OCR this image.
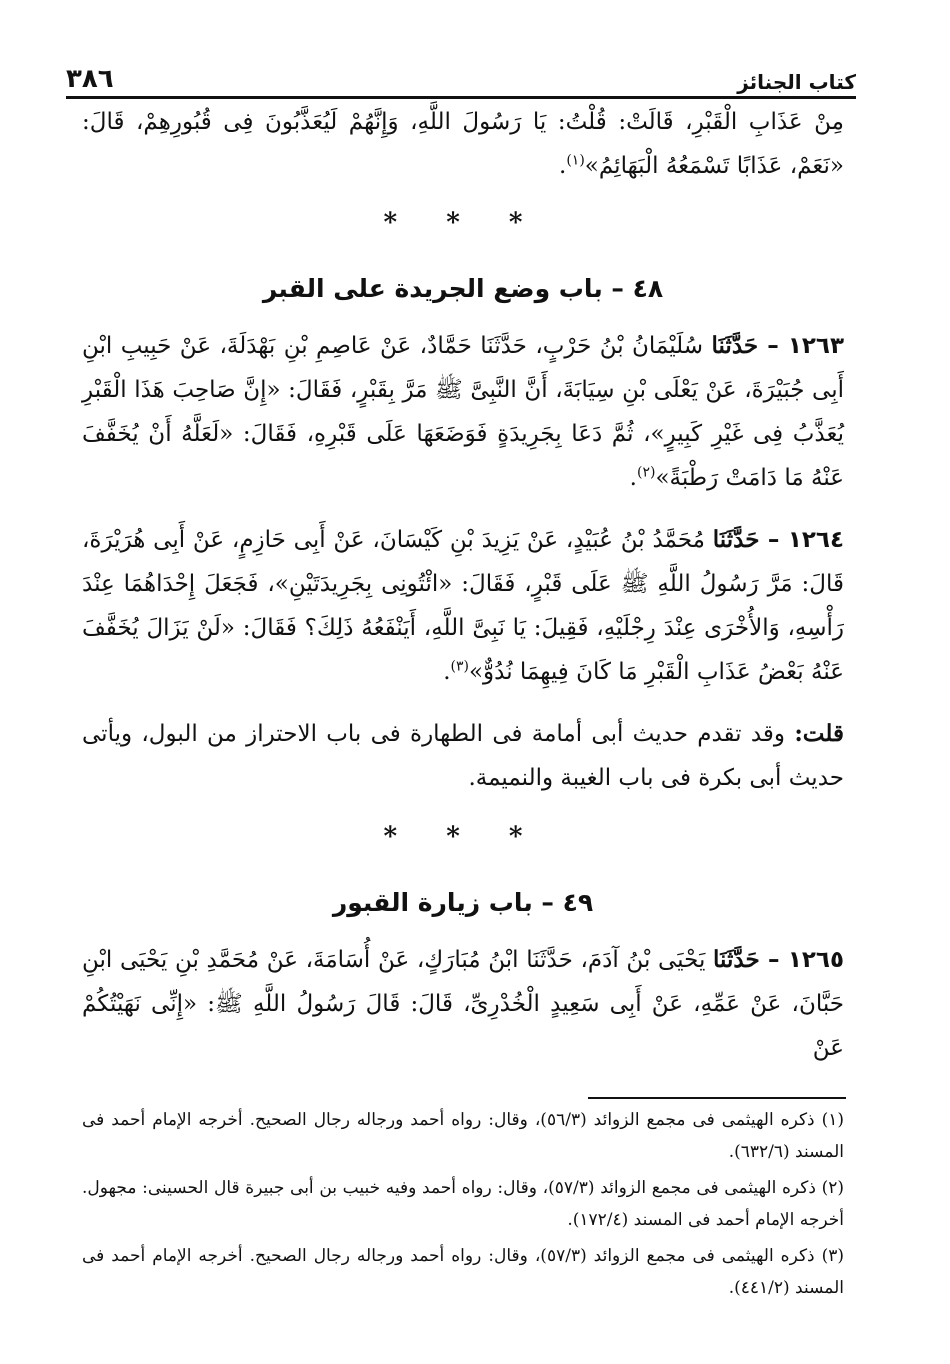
كتاب الجنائز
٣٨٦

مِنْ عَذَابِ الْقَبْرِ، قَالَتْ: قُلْتُ: يَا رَسُولَ اللَّهِ، وَإِنَّهُمْ لَيُعَذَّبُونَ فِى قُبُورِهِمْ، قَالَ: «نَعَمْ، عَذَابًا تَسْمَعُهُ الْبَهَائِمُ»$^{(١)}$.

* * *
٤٨ – باب وضع الجريدة على القبر

١٢٦٣ – حَدَّثَنَا سُلَيْمَانُ بْنُ حَرْبٍ، حَدَّثَنَا حَمَّادٌ، عَنْ عَاصِمِ بْنِ بَهْدَلَةَ، عَنْ حَبِيبِ ابْنِ أَبِى جُبَيْرَةَ، عَنْ يَعْلَى بْنِ سِيَابَةَ، أَنَّ النَّبِىَّ ﷺ مَرَّ بِقَبْرٍ، فَقَالَ: «إِنَّ صَاحِبَ هَذَا الْقَبْرِ يُعَذَّبُ فِى غَيْرِ كَبِيرٍ»، ثُمَّ دَعَا بِجَرِيدَةٍ فَوَضَعَهَا عَلَى قَبْرِهِ، فَقَالَ: «لَعَلَّهُ أَنْ يُخَفَّفَ عَنْهُ مَا دَامَتْ رَطْبَةً»$^{(٢)}$.

١٢٦٤ – حَدَّثَنَا مُحَمَّدُ بْنُ عُبَيْدٍ، عَنْ يَزِيدَ بْنِ كَيْسَانَ، عَنْ أَبِى حَازِمٍ، عَنْ أَبِى هُرَيْرَةَ، قَالَ: مَرَّ رَسُولُ اللَّهِ ﷺ عَلَى قَبْرٍ، فَقَالَ: «ائْتُونِى بِجَرِيدَتَيْنِ»، فَجَعَلَ إِحْدَاهُمَا عِنْدَ رَأْسِهِ، وَالأُخْرَى عِنْدَ رِجْلَيْهِ، فَقِيلَ: يَا نَبِىَّ اللَّهِ، أَيَنْفَعُهُ ذَلِكَ؟ فَقَالَ: «لَنْ يَزَالَ يُخَفَّفَ عَنْهُ بَعْضُ عَذَابِ الْقَبْرِ مَا كَانَ فِيهِمَا نُدُوٌّ»$^{(٣)}$.

قلت: وقد تقدم حديث أبى أمامة فى الطهارة فى باب الاحتراز من البول، ويأتى حديث أبى بكرة فى باب الغيبة والنميمة.

* * *
٤٩ – باب زيارة القبور

١٢٦٥ – حَدَّثَنَا يَحْيَى بْنُ آدَمَ، حَدَّثَنَا ابْنُ مُبَارَكٍ، عَنْ أُسَامَةَ، عَنْ مُحَمَّدِ بْنِ يَحْيَى ابْنِ حَبَّانَ، عَنْ عَمِّهِ، عَنْ أَبِى سَعِيدٍ الْخُدْرِىِّ، قَالَ: قَالَ رَسُولُ اللَّهِ ﷺ: «إِنِّى نَهَيْتُكُمْ عَنْ

(١) ذكره الهيثمى فى مجمع الزوائد (٥٦/٣)، وقال: رواه أحمد ورجاله رجال الصحيح. أخرجه الإمام أحمد فى المسند (٦٣٢/٦).

(٢) ذكره الهيثمى فى مجمع الزوائد (٥٧/٣)، وقال: رواه أحمد وفيه خبيب بن أبى جبيرة قال الحسينى: مجهول. أخرجه الإمام أحمد فى المسند (١٧٢/٤).

(٣) ذكره الهيثمى فى مجمع الزوائد (٥٧/٣)، وقال: رواه أحمد ورجاله رجال الصحيح. أخرجه الإمام أحمد فى المسند (٤٤١/٢).
